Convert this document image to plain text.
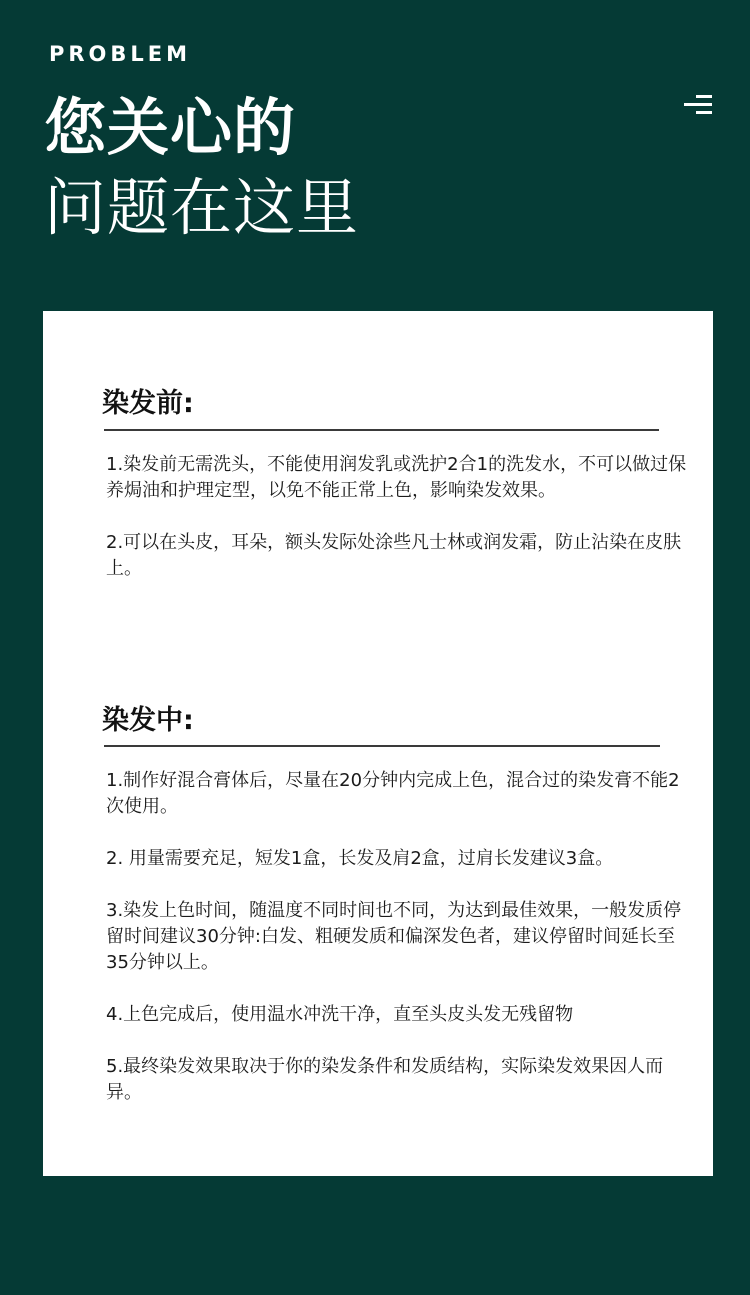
PROBLEM
您关心的
问题在这里
染发前:
1.染发前无需洗头，不能使用润发乳或洗护2合1的洗发水，不可以做过保养焗油和护理定型，以免不能正常上色，影响染发效果。
2.可以在头皮，耳朵，额头发际处涂些凡士林或润发霜，防止沾染在皮肤上。
染发中:
1.制作好混合膏体后，尽量在20分钟内完成上色，混合过的染发膏不能2次使用。
2. 用量需要充足，短发1盒，长发及肩2盒，过肩长发建议3盒。
3.染发上色时间，随温度不同时间也不同，为达到最佳效果，一般发质停留时间建议30分钟:白发、粗硬发质和偏深发色者，建议停留时间延长至35分钟以上。
4.上色完成后，使用温水冲洗干净，直至头皮头发无残留物
5.最终染发效果取决于你的染发条件和发质结构，实际染发效果因人而异。
